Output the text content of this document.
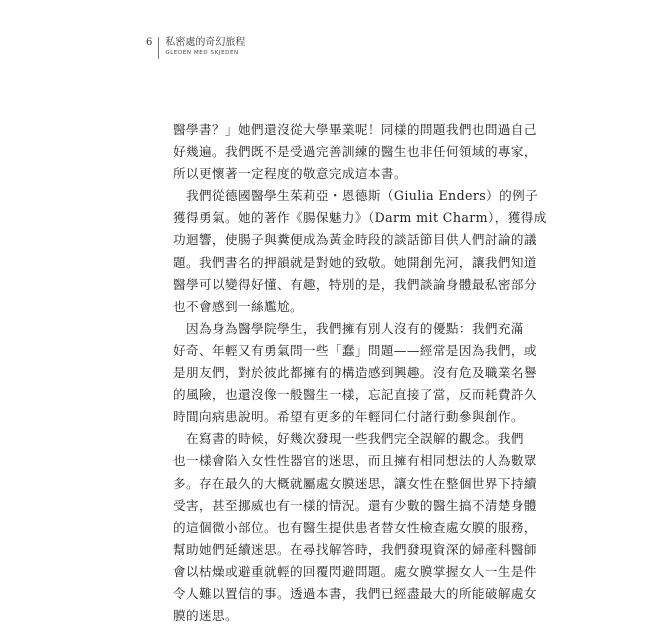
6 私密處的奇幻旅程
GLEDEN MED SKJEDEN
醫學書？」她們還沒從大學畢業呢！同樣的問題我們也問過自己
好幾遍。我們既不是受過完善訓練的醫生也非任何領域的專家，
所以更懷著一定程度的敬意完成這本書。
我們從德國醫學生茱莉亞・恩德斯（Giulia Enders）的例子
獲得勇氣。她的著作《腸保魅力》（Darm mit Charm），獲得成
功迴響，使腸子與糞便成為黃金時段的談話節目供人們討論的議
題。我們書名的押韻就是對她的致敬。她開創先河，讓我們知道
醫學可以變得好懂、有趣，特別的是，我們談論身體最私密部分
也不會感到一絲尷尬。
因為身為醫學院學生，我們擁有別人沒有的優點：我們充滿
好奇、年輕又有勇氣問一些「蠢」問題——經常是因為我們，或
是朋友們，對於彼此都擁有的構造感到興趣。沒有危及職業名譽
的風險，也還沒像一般醫生一樣，忘記直接了當，反而耗費許久
時間向病患說明。希望有更多的年輕同仁付諸行動參與創作。
在寫書的時候，好幾次發現一些我們完全誤解的觀念。我們
也一樣會陷入女性性器官的迷思，而且擁有相同想法的人為數眾
多。存在最久的大概就屬處女膜迷思，讓女性在整個世界下持續
受害，甚至挪威也有一樣的情況。還有少數的醫生搞不清楚身體
的這個微小部位。也有醫生提供患者替女性檢查處女膜的服務，
幫助她們延續迷思。在尋找解答時，我們發現資深的婦產科醫師
會以枯燥或避重就輕的回覆閃避問題。處女膜掌握女人一生是件
令人難以置信的事。透過本書，我們已經盡最大的所能破解處女
膜的迷思。
